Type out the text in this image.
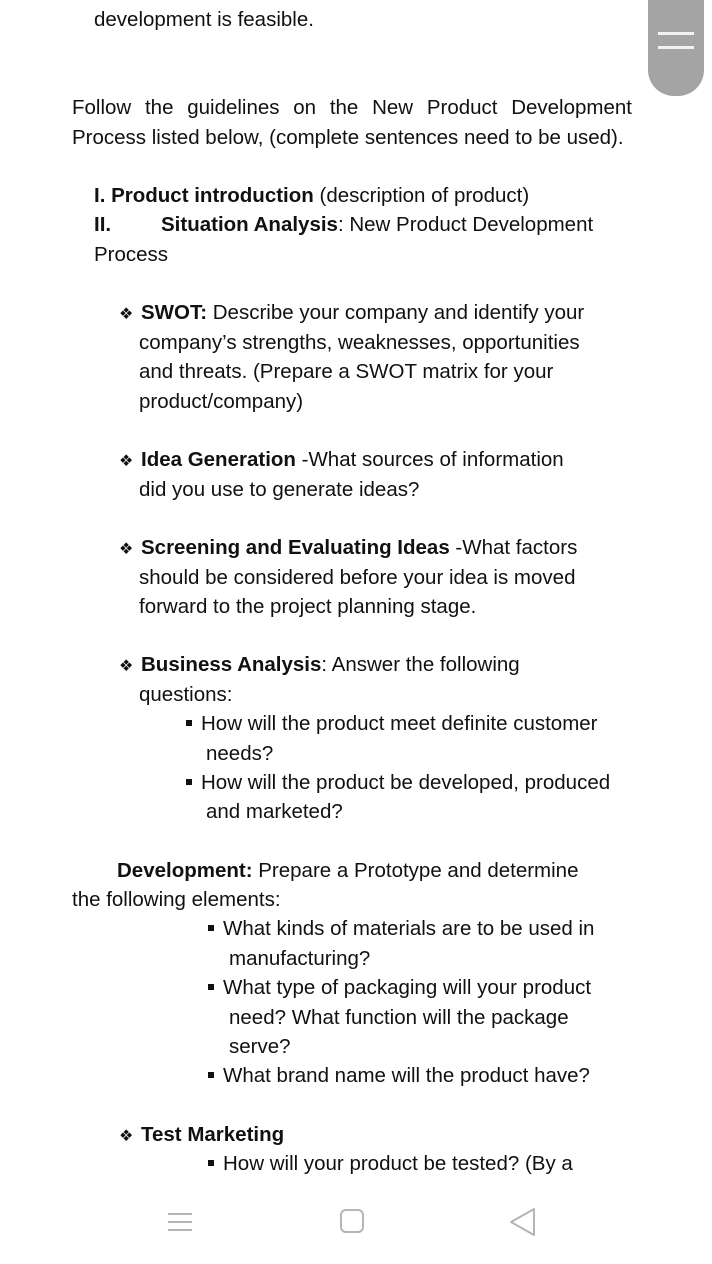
development is feasible.
Follow the guidelines on the New Product Development
Process listed below, (complete sentences need to be used).
I. Product introduction (description of product)
II. Situation Analysis: New Product Development
Process
❖ SWOT: Describe your company and identify your
company’s strengths, weaknesses, opportunities
and threats. (Prepare a SWOT matrix for your
product/company)
❖ Idea Generation -What sources of information
did you use to generate ideas?
❖ Screening and Evaluating Ideas -What factors
should be considered before your idea is moved
forward to the project planning stage.
❖ Business Analysis: Answer the following
questions:
How will the product meet definite customer
needs?
How will the product be developed, produced
and marketed?
Development: Prepare a Prototype and determine
the following elements:
What kinds of materials are to be used in
manufacturing?
What type of packaging will your product
need? What function will the package
serve?
What brand name will the product have?
❖ Test Marketing
How will your product be tested? (By a
